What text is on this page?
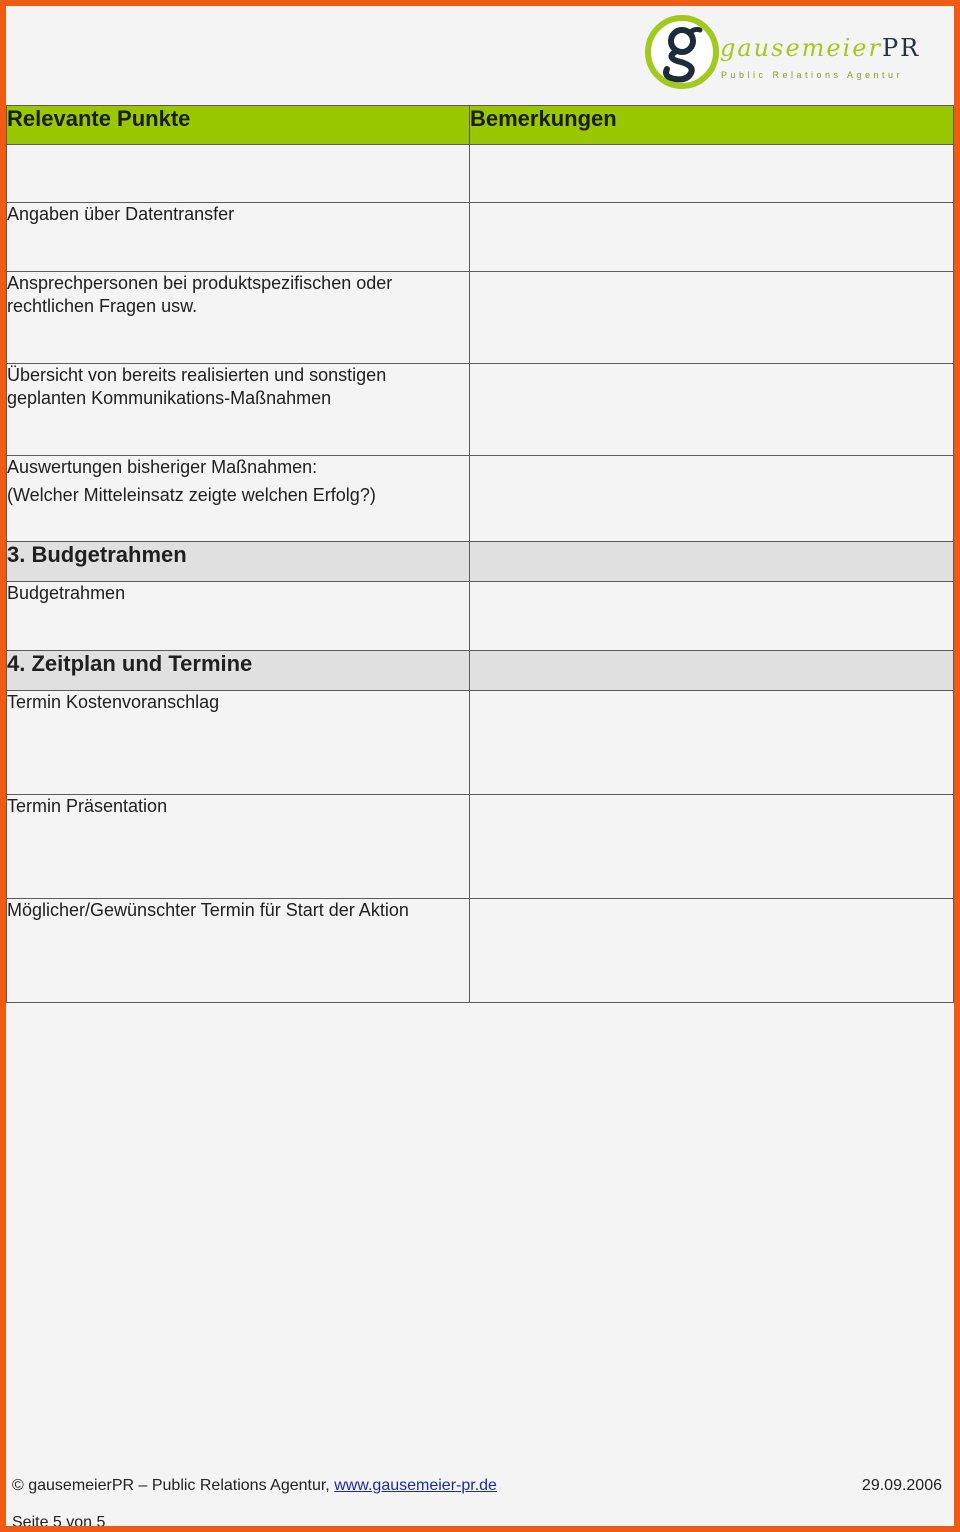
gausemeierPR
Public Relations Agentur
Relevante Punkte	Bemerkungen

Angaben über Datentransfer	

Ansprechpersonen bei produktspezifischen oder rechtlichen Fragen usw.	

Übersicht von bereits realisierten und sonstigen geplanten Kommunikations-Maßnahmen	

Auswertungen bisheriger Maßnahmen:

(Welcher Mitteleinsatz zeigte welchen Erfolg?)	

3. Budgetrahmen	

Budgetrahmen	

4. Zeitplan und Termine	

Termin Kostenvoranschlag	

Termin Präsentation	

Möglicher/Gewünschter Termin für Start der Aktion	

© gausemeierPR – Public Relations Agentur, www.gausemeier-pr.de	29.09.2006
Seite 5 von 5
